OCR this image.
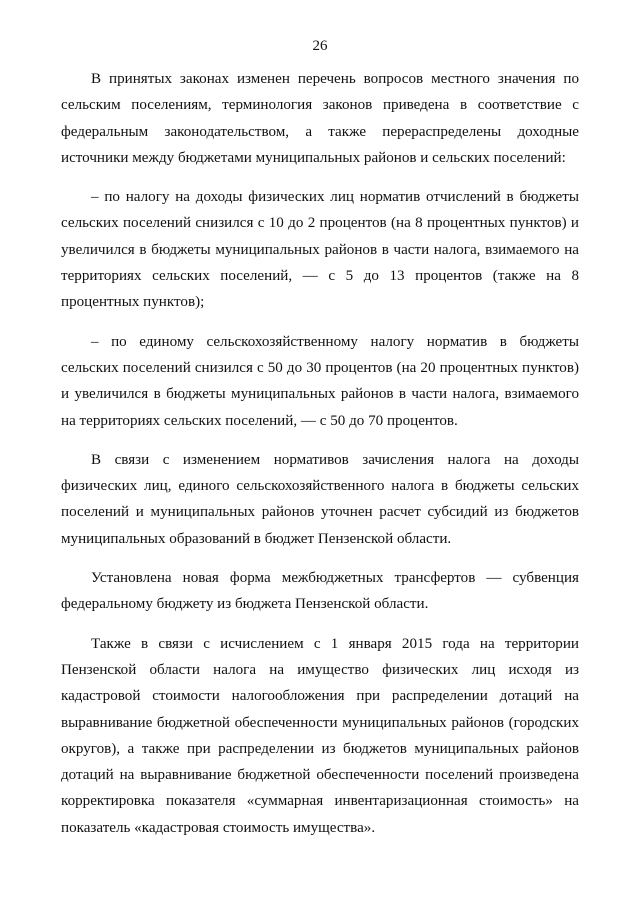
26

В принятых законах изменен перечень вопросов местного значения по сельским поселениям, терминология законов приведена в соответствие с федеральным законодательством, а также перераспределены доходные источники между бюджетами муниципальных районов и сельских поселений:

– по налогу на доходы физических лиц норматив отчислений в бюджеты сельских поселений снизился с 10 до 2 процентов (на 8 процентных пунктов) и увеличился в бюджеты муниципальных районов в части налога, взимаемого на территориях сельских поселений, — с 5 до 13 процентов (также на 8 процентных пунктов);

– по единому сельскохозяйственному налогу норматив в бюджеты сельских поселений снизился с 50 до 30 процентов (на 20 процентных пунктов) и увеличился в бюджеты муниципальных районов в части налога, взимаемого на территориях сельских поселений, — с 50 до 70 процентов.

В связи с изменением нормативов зачисления налога на доходы физических лиц, единого сельскохозяйственного налога в бюджеты сельских поселений и муниципальных районов уточнен расчет субсидий из бюджетов муниципальных образований в бюджет Пензенской области.

Установлена новая форма межбюджетных трансфертов — субвенция федеральному бюджету из бюджета Пензенской области.

Также в связи с исчислением с 1 января 2015 года на территории Пензенской области налога на имущество физических лиц исходя из кадастровой стоимости налогообложения при распределении дотаций на выравнивание бюджетной обеспеченности муниципальных районов (городских округов), а также при распределении из бюджетов муниципальных районов дотаций на выравнивание бюджетной обеспеченности поселений произведена корректировка показателя «суммарная инвентаризационная стоимость» на показатель «кадастровая стоимость имущества».
